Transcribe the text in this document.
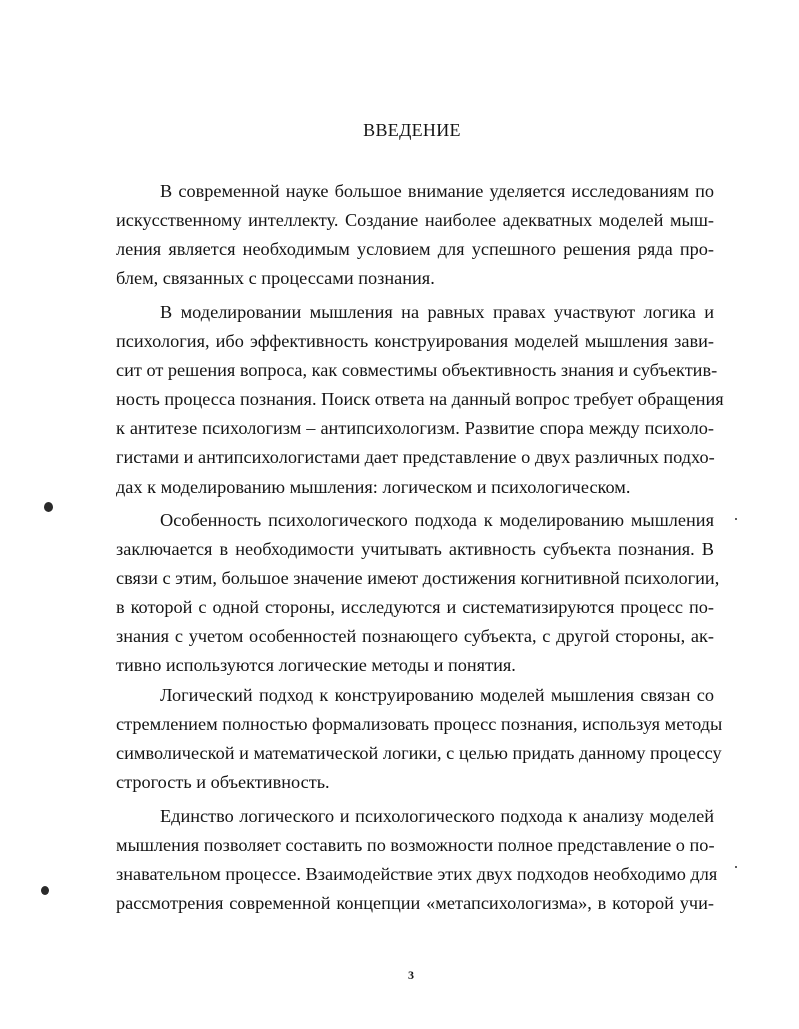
ВВЕДЕНИЕ
В современной науке большое внимание уделяется исследованиям по
искусственному интеллекту. Создание наиболее адекватных моделей мыш-
ления является необходимым условием для успешного решения ряда про-
блем, связанных с процессами познания.
В моделировании мышления на равных правах участвуют логика и
психология, ибо эффективность конструирования моделей мышления зави-
сит от решения вопроса, как совместимы объективность знания и субъектив-
ность процесса познания. Поиск ответа на данный вопрос требует обращения
к антитезе психологизм – антипсихологизм. Развитие спора между психоло-
гистами и антипсихологистами дает представление о двух различных подхо-
дах к моделированию мышления: логическом и психологическом.
Особенность психологического подхода к моделированию мышления
заключается в необходимости учитывать активность субъекта познания. В
связи с этим, большое значение имеют достижения когнитивной психологии,
в которой с одной стороны, исследуются и систематизируются процесс по-
знания с учетом особенностей познающего субъекта, с другой стороны, ак-
тивно используются логические методы и понятия.
Логический подход к конструированию моделей мышления связан со
стремлением полностью формализовать процесс познания, используя методы
символической и математической логики, с целью придать данному процессу
строгость и объективность.
Единство логического и психологического подхода к анализу моделей
мышления позволяет составить по возможности полное представление о по-
знавательном процессе. Взаимодействие этих двух подходов необходимо для
рассмотрения современной концепции «метапсихологизма», в которой учи-
3
